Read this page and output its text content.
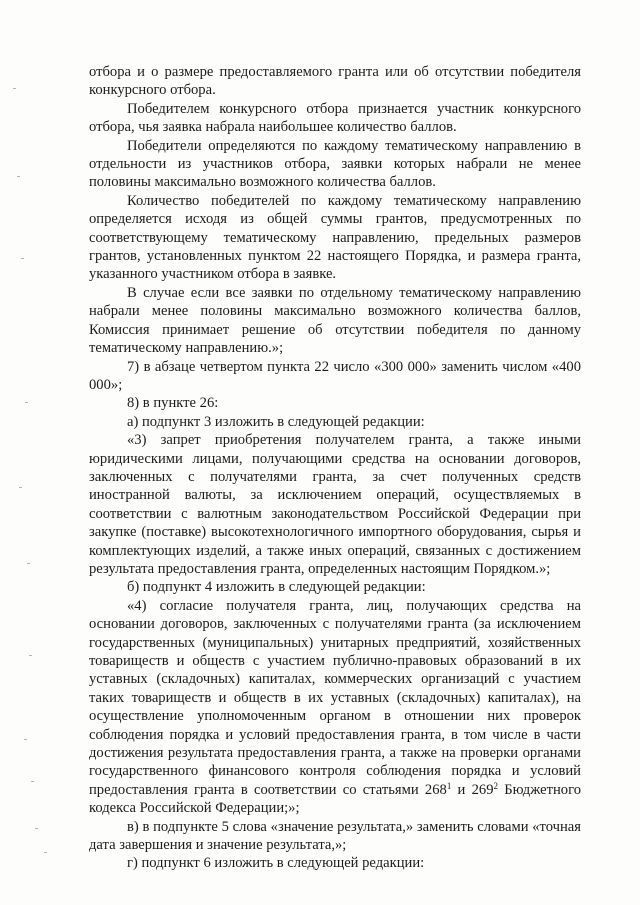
отбора и о размере предоставляемого гранта или об отсутствии победителя конкурсного отбора.

Победителем конкурсного отбора признается участник конкурсного отбора, чья заявка набрала наибольшее количество баллов.

Победители определяются по каждому тематическому направлению в отдельности из участников отбора, заявки которых набрали не менее половины максимально возможного количества баллов.

Количество победителей по каждому тематическому направлению определяется исходя из общей суммы грантов, предусмотренных по соответствующему тематическому направлению, предельных размеров грантов, установленных пунктом 22 настоящего Порядка, и размера гранта, указанного участником отбора в заявке.

В случае если все заявки по отдельному тематическому направлению набрали менее половины максимально возможного количества баллов, Комиссия принимает решение об отсутствии победителя по данному тематическому направлению.»;

7) в абзаце четвертом пункта 22 число «300 000» заменить числом «400 000»;

8) в пункте 26:

а) подпункт 3 изложить в следующей редакции:

«3) запрет приобретения получателем гранта, а также иными юридическими лицами, получающими средства на основании договоров, заключенных с получателями гранта, за счет полученных средств иностранной валюты, за исключением операций, осуществляемых в соответствии с валютным законодательством Российской Федерации при закупке (поставке) высокотехнологичного импортного оборудования, сырья и комплектующих изделий, а также иных операций, связанных с достижением результата предоставления гранта, определенных настоящим Порядком.»;

б) подпункт 4 изложить в следующей редакции:

«4) согласие получателя гранта, лиц, получающих средства на основании договоров, заключенных с получателями гранта (за исключением государственных (муниципальных) унитарных предприятий, хозяйственных товариществ и обществ с участием публично-правовых образований в их уставных (складочных) капиталах, коммерческих организаций с участием таких товариществ и обществ в их уставных (складочных) капиталах), на осуществление уполномоченным органом в отношении них проверок соблюдения порядка и условий предоставления гранта, в том числе в части достижения результата предоставления гранта, а также на проверки органами государственного финансового контроля соблюдения порядка и условий предоставления гранта в соответствии со статьями $268^1$ и $269^2$ Бюджетного кодекса Российской Федерации;»;

в) в подпункте 5 слова «значение результата,» заменить словами «точная дата завершения и значение результата,»;

г) подпункт 6 изложить в следующей редакции:
